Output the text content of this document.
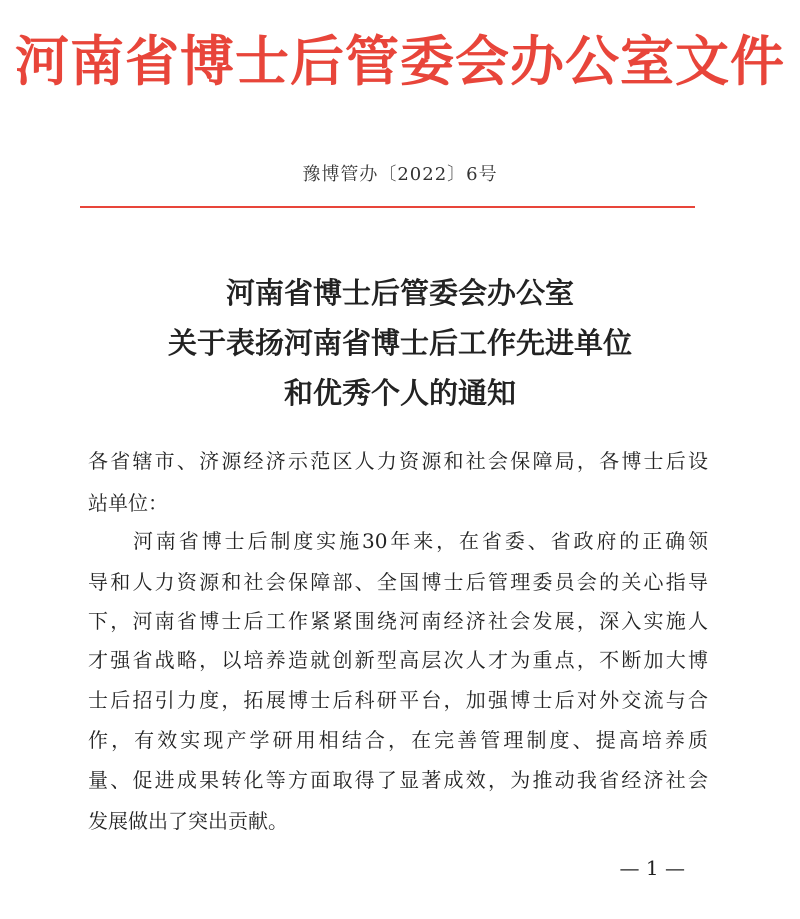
河南省博士后管委会办公室文件
豫博管办〔2022〕6号
河南省博士后管委会办公室
关于表扬河南省博士后工作先进单位
和优秀个人的通知
各省辖市、济源经济示范区人力资源和社会保障局，各博士后设
站单位：
河南省博士后制度实施30年来，在省委、省政府的正确领
导和人力资源和社会保障部、全国博士后管理委员会的关心指导
下，河南省博士后工作紧紧围绕河南经济社会发展，深入实施人
才强省战略，以培养造就创新型高层次人才为重点，不断加大博
士后招引力度，拓展博士后科研平台，加强博士后对外交流与合
作，有效实现产学研用相结合，在完善管理制度、提高培养质
量、促进成果转化等方面取得了显著成效，为推动我省经济社会
发展做出了突出贡献。
— 1 —
